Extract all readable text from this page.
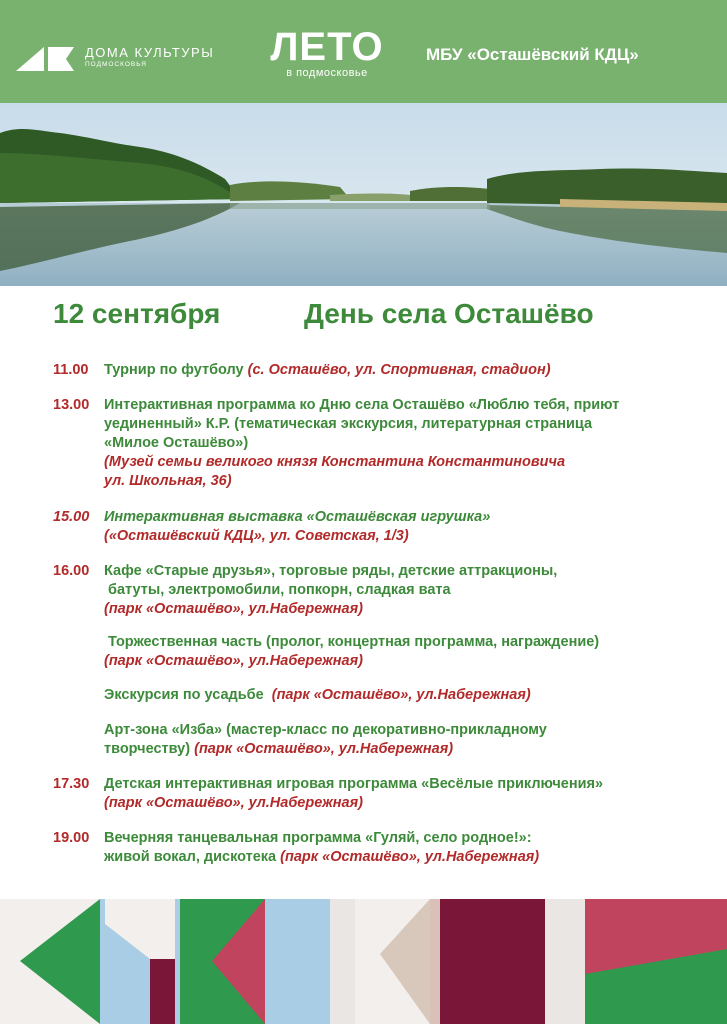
ДОМА КУЛЬТУРЫ
ПОДМОСКОВЬЯ	ЛЕТО
в подмосковье
МБУ «Осташёвский КДЦ»
12 сентября	День села Осташёво
11.00 Турнир по футболу (с. Осташёво, ул. Спортивная, стадион)
13.00 Интерактивная программа ко Дню села Осташёво «Люблю тебя, приют
уединенный» К.Р. (тематическая экскурсия, литературная страница
«Милое Осташёво»)
(Музей семьи великого князя Константина Константиновича
ул. Школьная, 36)
15.00 Интерактивная выставка «Осташёвская игрушка»
(«Осташёвский КДЦ», ул. Советская, 1/3)
16.00 Кафе «Старые друзья», торговые ряды, детские аттракционы,
батуты, электромобили, попкорн, сладкая вата
(парк «Осташёво», ул.Набережная)
Торжественная часть (пролог, концертная программа, награждение)
(парк «Осташёво», ул.Набережная)
Экскурсия по усадьбе (парк «Осташёво», ул.Набережная)
Арт-зона «Изба» (мастер-класс по декоративно-прикладному
творчеству) (парк «Осташёво», ул.Набережная)
17.30 Детская интерактивная игровая программа «Весёлые приключения»
(парк «Осташёво», ул.Набережная)
19.00 Вечерняя танцевальная программа «Гуляй, село родное!»:
живой вокал, дискотека (парк «Осташёво», ул.Набережная)
